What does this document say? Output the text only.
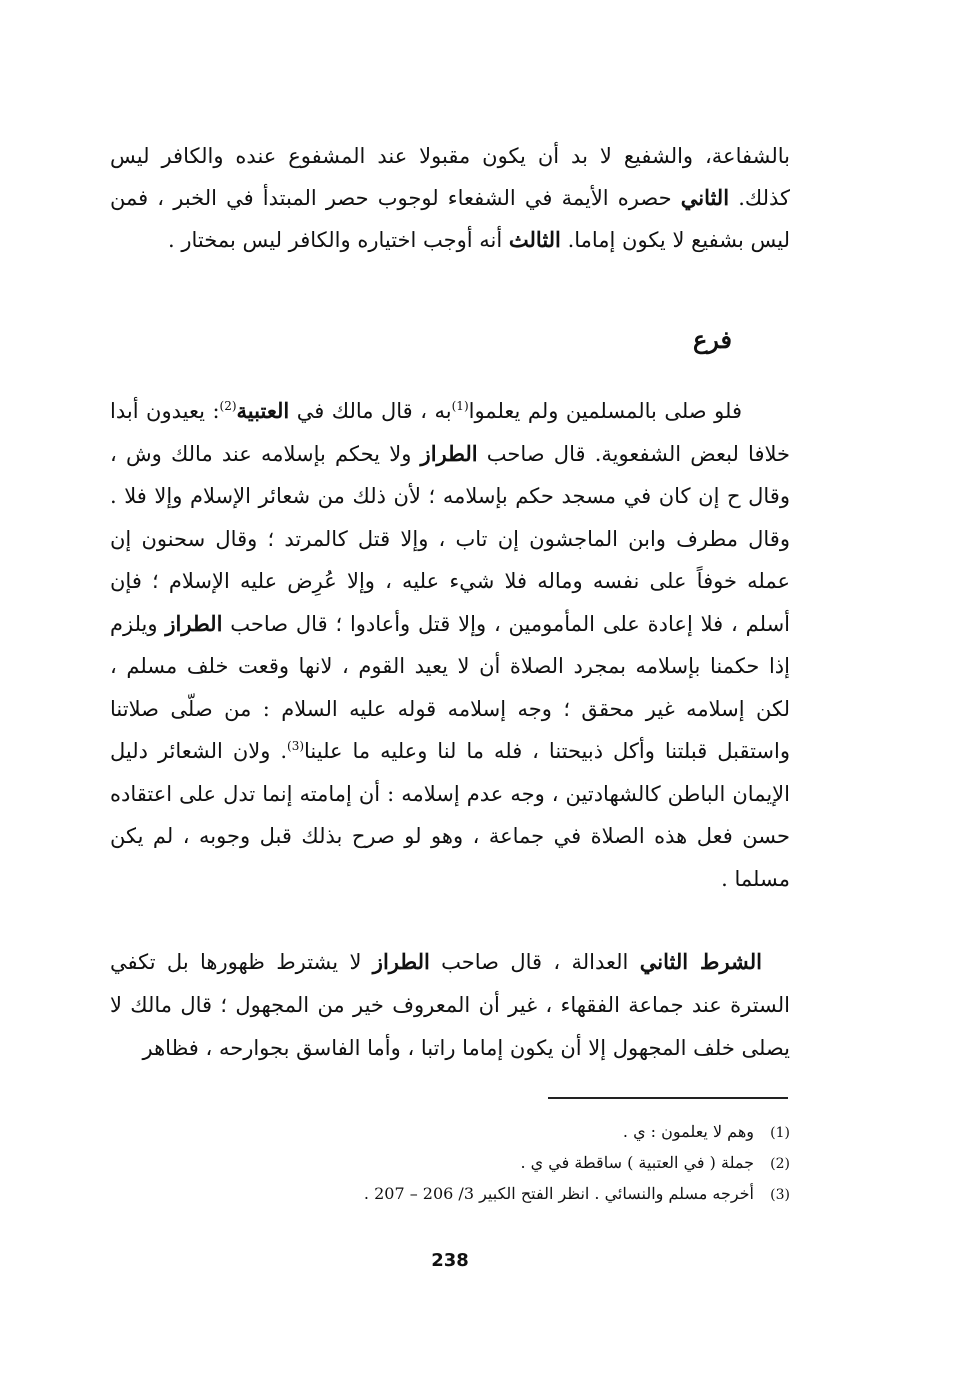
بالشفاعة، والشفيع لا بد أن يكون مقبولا عند المشفوع عنده والكافر ليس كذلك. الثاني حصره الأيمة في الشفعاء لوجوب حصر المبتدأ في الخبر ، فمن ليس بشفيع لا يكون إماما. الثالث أنه أوجب اختياره والكافر ليس بمختار .

فرع

فلو صلى بالمسلمين ولم يعلموا$^{(1)}$به ، قال مالك في العتبية$^{(2)}$: يعيدون أبدا خلافا لبعض الشفعوية. قال صاحب الطراز ولا يحكم بإسلامه عند مالك وش ، وقال ح إن كان في مسجد حكم بإسلامه ؛ لأن ذلك من شعائر الإسلام وإلا فلا . وقال مطرف وابن الماجشون إن تاب ، وإلا قتل كالمرتد ؛ وقال سحنون إن عمله خوفاً على نفسه وماله فلا شيء عليه ، وإلا عُرِض عليه الإسلام ؛ فإن أسلم ، فلا إعادة على المأمومين ، وإلا قتل وأعادوا ؛ قال صاحب الطراز ويلزم إذا حكمنا بإسلامه بمجرد الصلاة أن لا يعيد القوم ، لانها وقعت خلف مسلم ، لكن إسلامه غير محقق ؛ وجه إسلامه قوله عليه السلام : من صلّى صلاتنا واستقبل قبلتنا وأكل ذبيحتنا ، فله ما لنا وعليه ما علينا$^{(3)}$. ولان الشعائر دليل الإيمان الباطن كالشهادتين ، وجه عدم إسلامه : أن إمامته إنما تدل على اعتقاده حسن فعل هذه الصلاة في جماعة ، وهو لو صرح بذلك قبل وجوبه ، لم يكن مسلما .

الشرط الثاني العدالة ، قال صاحب الطراز لا يشترط ظهورها بل تكفي السترة عند جماعة الفقهاء ، غير أن المعروف خير من المجهول ؛ قال مالك لا يصلى خلف المجهول إلا أن يكون إماما راتبا ، وأما الفاسق بجوارحه ، فظاهر

(1)وهم لا يعلمون : ي .
(2)جملة ( في العتبية ) ساقطة في ي .
(3)أخرجه مسلم والنسائي . انظر الفتح الكبير 3/ 206 – 207 .
238
